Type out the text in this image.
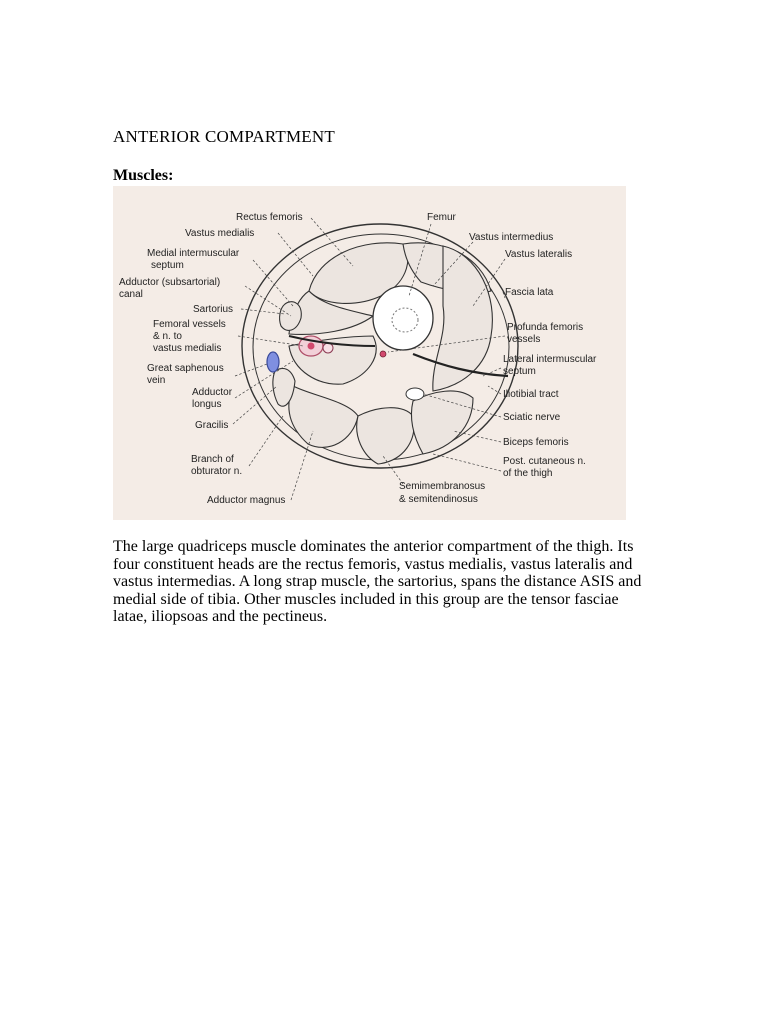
ANTERIOR COMPARTMENT
Muscles:
Rectus femoris
Vastus medialis
Medial intermuscular
septum
Adductor (subsartorial)
canal
Sartorius
Femoral vessels
& n. to
vastus medialis
Great saphenous
vein
Adductor
longus
Gracilis
Branch of
obturator n.
Adductor magnus
Femur
Vastus intermedius
Vastus lateralis
Fascia lata
Profunda femoris
vessels
Lateral intermuscular
septum
Iliotibial tract
Sciatic nerve
Biceps femoris
Post. cutaneous n.
of the thigh
Semimembranosus
& semitendinosus

The large quadriceps muscle dominates the anterior compartment of the thigh. Its four constituent heads are the rectus femoris, vastus medialis, vastus lateralis and vastus intermedias. A long strap muscle, the sartorius, spans the distance ASIS and medial side of tibia. Other muscles included in this group are the tensor fasciae latae, iliopsoas and the pectineus.
